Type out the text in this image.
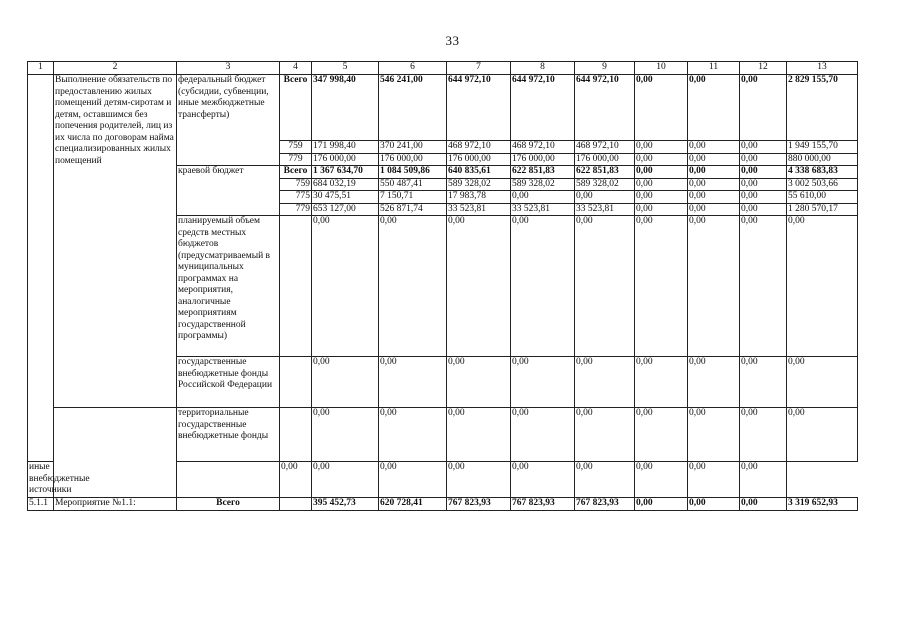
33
1	2	3	4	5	6	7	8	9	10	11	12	13
	Выполнение обязательств по предоставлению жилых помещений детям-сиротам и детям, оставшимся без попечения родителей, лиц из их числа по договорам найма специализированных жилых помещений	федеральный бюджет (субсидии, субвенции, иные межбюджетные трансферты)	Всего	347 998,40	546 241,00	644 972,10	644 972,10	644 972,10	0,00	0,00	0,00	2 829 155,70
			759	171 998,40	370 241,00	468 972,10	468 972,10	468 972,10	0,00	0,00	0,00	1 949 155,70
			779	176 000,00	176 000,00	176 000,00	176 000,00	176 000,00	0,00	0,00	0,00	880 000,00
		краевой бюджет	Всего	1 367 634,70	1 084 509,86	640 835,61	622 851,83	622 851,83	0,00	0,00	0,00	4 338 683,83
			759	684 032,19	550 487,41	589 328,02	589 328,02	589 328,02	0,00	0,00	0,00	3 002 503,66
			775	30 475,51	7 150,71	17 983,78	0,00	0,00	0,00	0,00	0,00	55 610,00
			779	653 127,00	526 871,74	33 523,81	33 523,81	33 523,81	0,00	0,00	0,00	1 280 570,17
		планируемый объем средств местных бюджетов (предусматриваемый в муниципальных программах на мероприятия, аналогичные мероприятиям государственной программы)		0,00	0,00	0,00	0,00	0,00	0,00	0,00	0,00	0,00
		государственные внебюджетные фонды Российской Федерации		0,00	0,00	0,00	0,00	0,00	0,00	0,00	0,00	0,00
		территориальные государственные внебюджетные фонды		0,00	0,00	0,00	0,00	0,00	0,00	0,00	0,00	0,00
иные внебюджетные источники			0,00	0,00	0,00	0,00	0,00	0,00	0,00	0,00	0,00	
5.1.1	Мероприятие №1.1:	Всего		395 452,73	620 728,41	767 823,93	767 823,93	767 823,93	0,00	0,00	0,00	3 319 652,93
